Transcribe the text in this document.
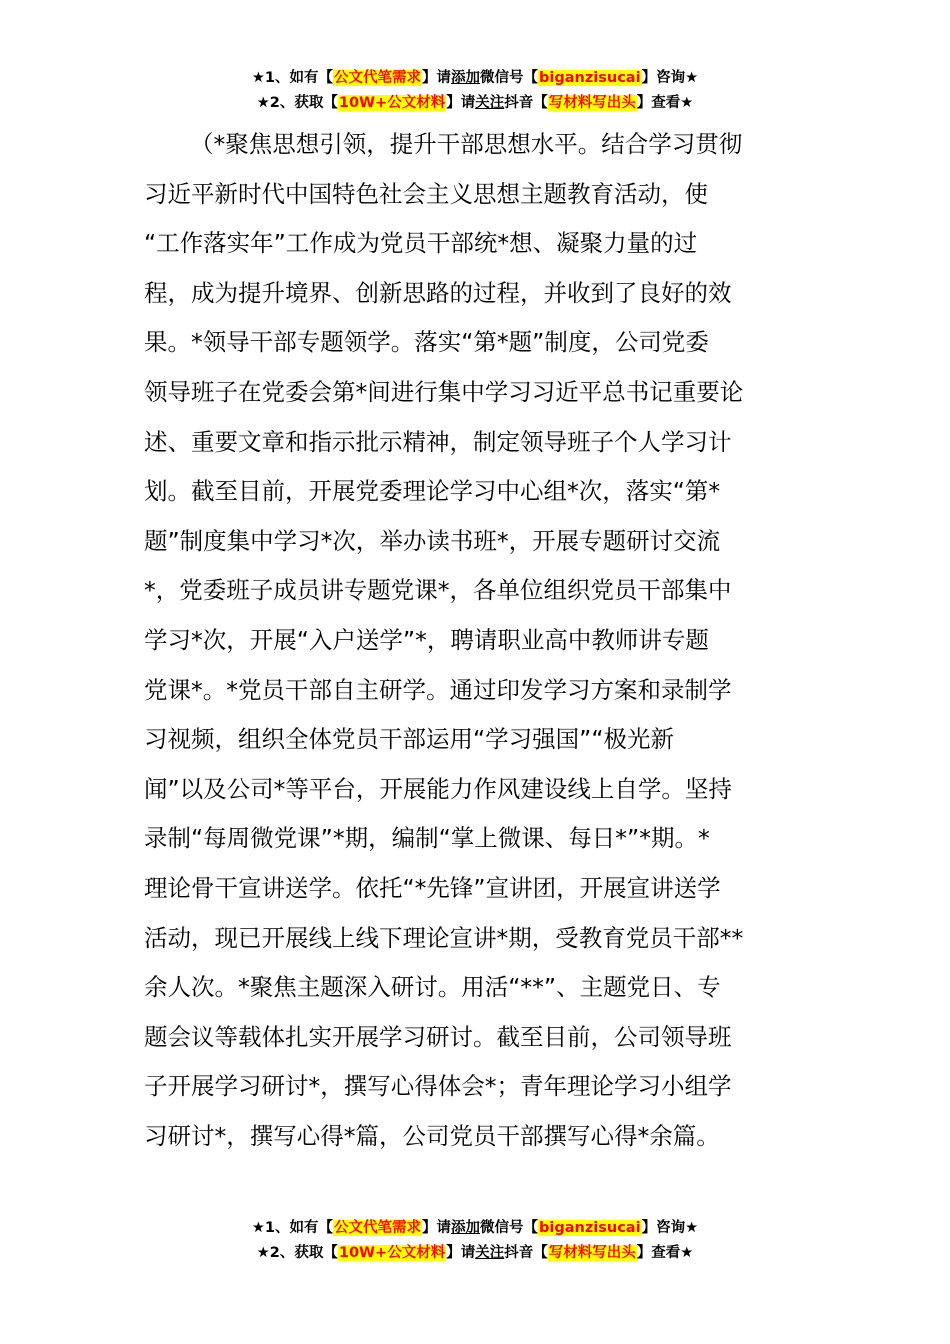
★1、如有【公文代笔需求】请添加微信号【biganzisucai】咨询★
★2、获取【10W+公文材料】请关注抖音【写材料写出头】查看★
（*聚焦思想引领，提升干部思想水平。结合学习贯彻
习近平新时代中国特色社会主义思想主题教育活动，使
“工作落实年”工作成为党员干部统*想、凝聚力量的过
程，成为提升境界、创新思路的过程，并收到了良好的效
果。*领导干部专题领学。落实“第*题”制度，公司党委
领导班子在党委会第*间进行集中学习习近平总书记重要论
述、重要文章和指示批示精神，制定领导班子个人学习计
划。截至目前，开展党委理论学习中心组*次，落实“第*
题”制度集中学习*次，举办读书班*，开展专题研讨交流
*，党委班子成员讲专题党课*，各单位组织党员干部集中
学习*次，开展“入户送学”*，聘请职业高中教师讲专题
党课*。*党员干部自主研学。通过印发学习方案和录制学
习视频，组织全体党员干部运用“学习强国”“极光新
闻”以及公司*等平台，开展能力作风建设线上自学。坚持
录制“每周微党课”*期，编制“掌上微课、每日*”*期。*
理论骨干宣讲送学。依托“*先锋”宣讲团，开展宣讲送学
活动，现已开展线上线下理论宣讲*期，受教育党员干部**
余人次。*聚焦主题深入研讨。用活“**”、主题党日、专
题会议等载体扎实开展学习研讨。截至目前，公司领导班
子开展学习研讨*，撰写心得体会*；青年理论学习小组学
习研讨*，撰写心得*篇，公司党员干部撰写心得*余篇。
★1、如有【公文代笔需求】请添加微信号【biganzisucai】咨询★
★2、获取【10W+公文材料】请关注抖音【写材料写出头】查看★
